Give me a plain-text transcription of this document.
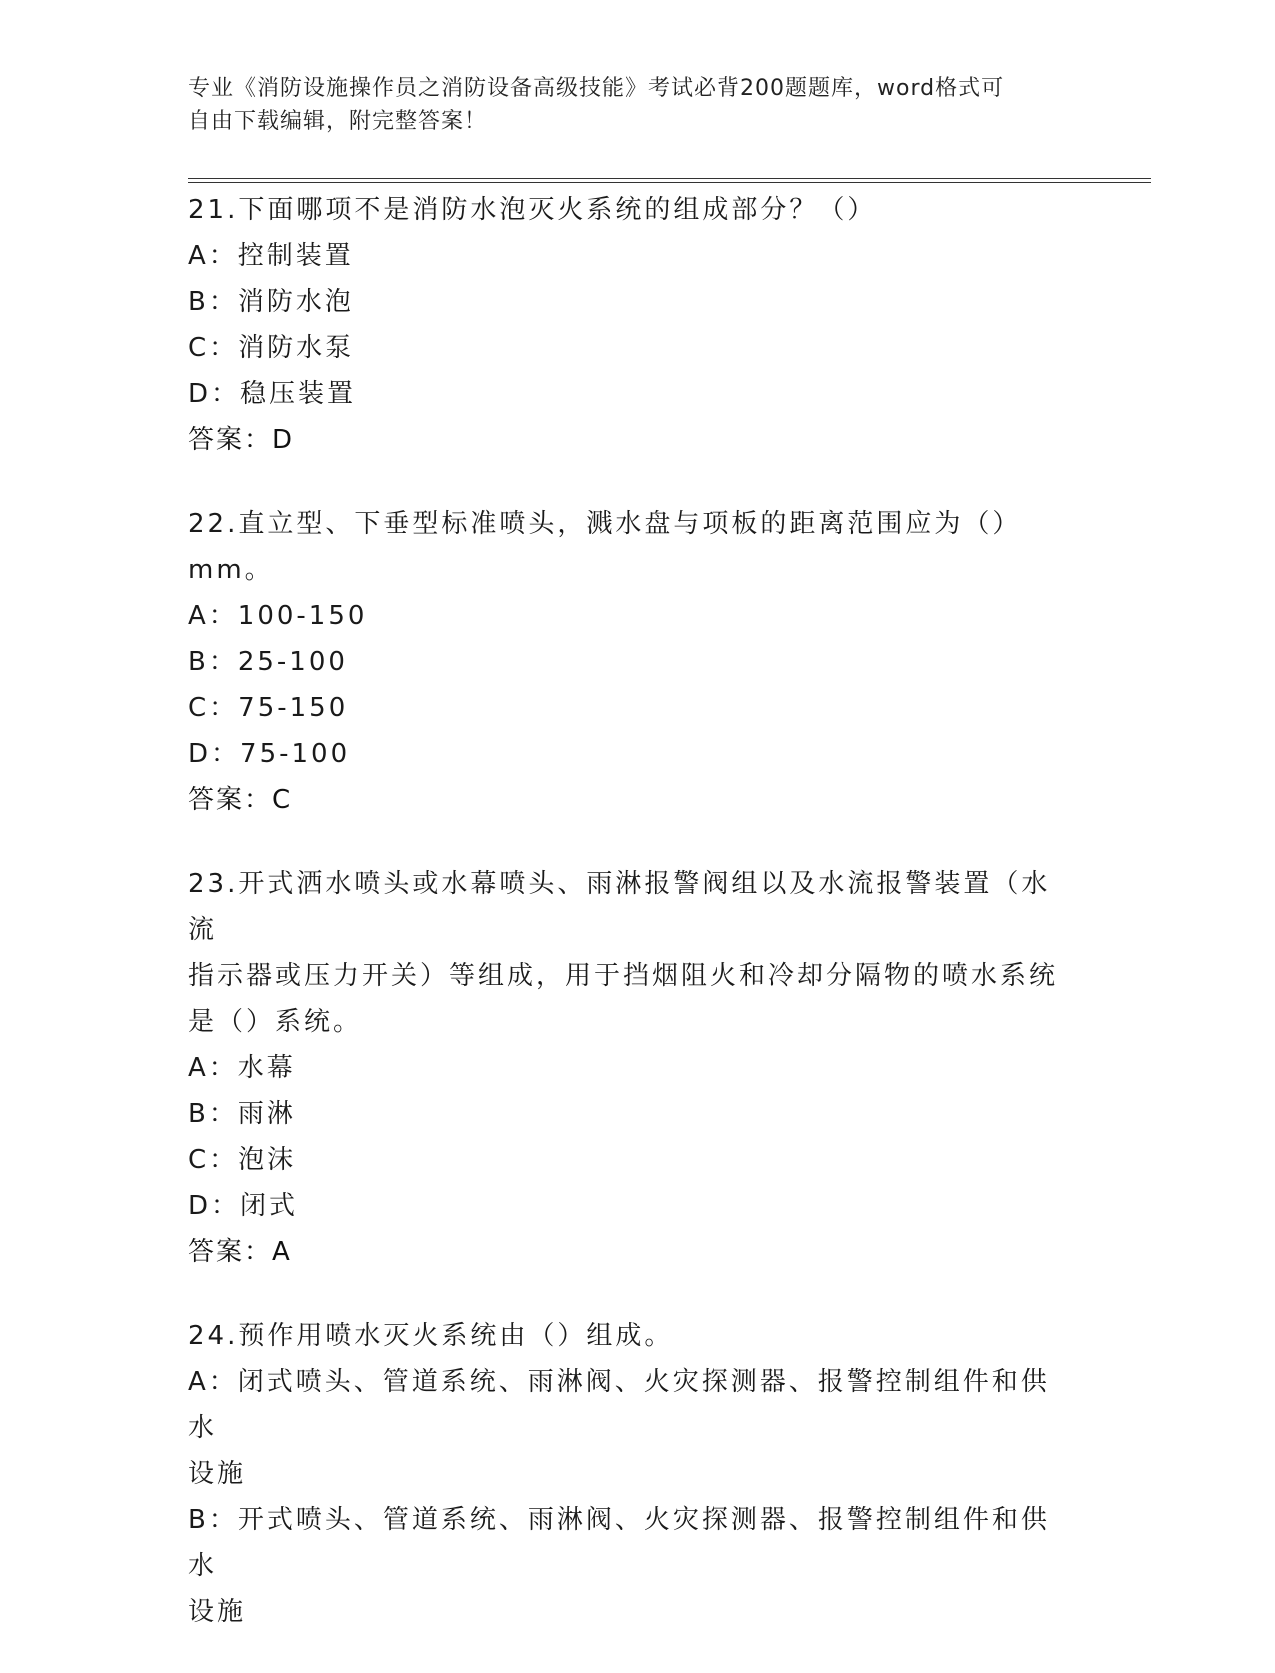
专业《消防设施操作员之消防设备高级技能》考试必背200题题库，word格式可
自由下载编辑，附完整答案！
21.下面哪项不是消防水泡灭火系统的组成部分？（）
A：控制装置
B：消防水泡
C：消防水泵
D：稳压装置
答案：D
22.直立型、下垂型标准喷头，溅水盘与项板的距离范围应为（）mm。
A：100-150
B：25-100
C：75-150
D：75-100
答案：C
23.开式洒水喷头或水幕喷头、雨淋报警阀组以及水流报警装置（水流
指示器或压力开关）等组成，用于挡烟阻火和冷却分隔物的喷水系统
是（）系统。
A：水幕
B：雨淋
C：泡沫
D：闭式
答案：A
24.预作用喷水灭火系统由（）组成。
A：闭式喷头、管道系统、雨淋阀、火灾探测器、报警控制组件和供水
设施
B：开式喷头、管道系统、雨淋阀、火灾探测器、报警控制组件和供水
设施
